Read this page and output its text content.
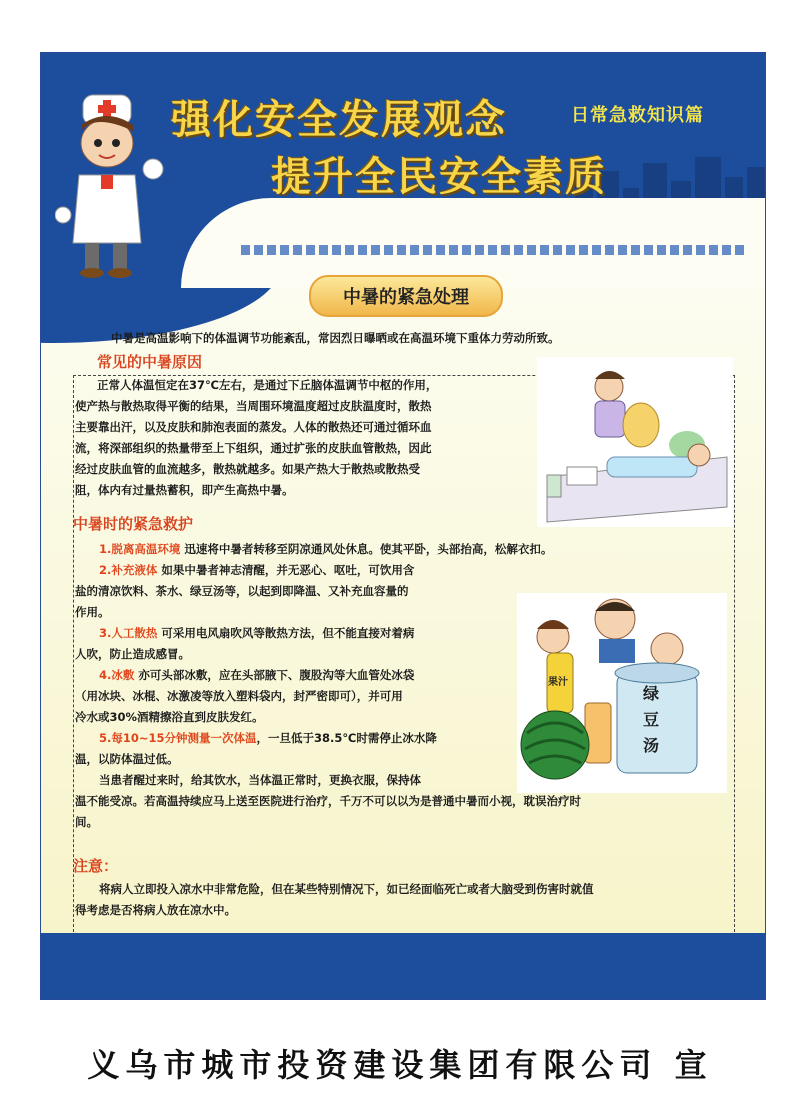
强化安全发展观念
提升全民安全素质
日常急救知识篇
中暑的紧急处理
中暑是高温影响下的体温调节功能紊乱，常因烈日曝晒或在高温环境下重体力劳动所致。
常见的中暑原因
正常人体温恒定在37℃左右，是通过下丘脑体温调节中枢的作用，
使产热与散热取得平衡的结果，当周围环境温度超过皮肤温度时，散热
主要靠出汗，以及皮肤和肺泡表面的蒸发。人体的散热还可通过循环血
流，将深部组织的热量带至上下组织，通过扩张的皮肤血管散热，因此
经过皮肤血管的血流越多，散热就越多。如果产热大于散热或散热受
阻，体内有过量热蓄积，即产生高热中暑。
中暑时的紧急救护
1.脱离高温环境 迅速将中暑者转移至阴凉通风处休息。使其平卧，头部抬高，松解衣扣。
2.补充液体 如果中暑者神志清醒，并无恶心、呕吐，可饮用含
盐的清凉饮料、茶水、绿豆汤等，以起到即降温、又补充血容量的
作用。
3.人工散热 可采用电风扇吹风等散热方法，但不能直接对着病
人吹，防止造成感冒。
4.冰敷 亦可头部冰敷，应在头部腋下、腹股沟等大血管处冰袋
（用冰块、冰棍、冰激凌等放入塑料袋内，封严密即可），并可用
冷水或30%酒精擦浴直到皮肤发红。
5.每10~15分钟测量一次体温，一旦低于38.5℃时需停止冰水降
温，以防体温过低。
当患者醒过来时，给其饮水，当体温正常时，更换衣服，保持体
温不能受凉。若高温持续应马上送至医院进行治疗，千万不可以以为是普通中暑而小视，耽误治疗时
间。
果汁
绿
豆
汤
注意：
将病人立即投入凉水中非常危险，但在某些特别情况下，如已经面临死亡或者大脑受到伤害时就值
得考虑是否将病人放在凉水中。
义乌市城市投资建设集团有限公司 宣
